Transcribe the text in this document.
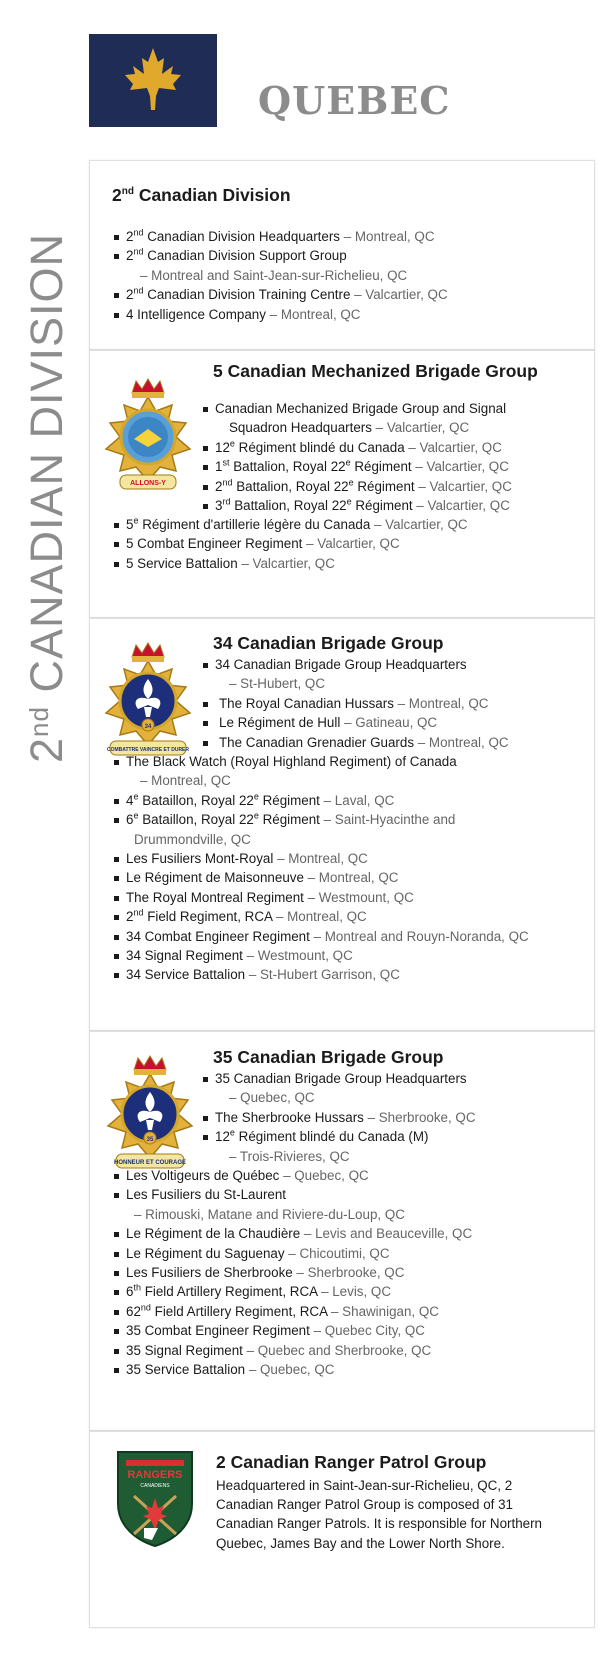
QUEBEC
2nd CANADIAN DIVISION
2nd Canadian Division
2nd Canadian Division Headquarters – Montreal, QC
2nd Canadian Division Support Group
– Montreal and Saint-Jean-sur-Richelieu, QC
2nd Canadian Division Training Centre – Valcartier, QC
4 Intelligence Company – Montreal, QC
ALLONS-Y
5 Canadian Mechanized Brigade Group
Canadian Mechanized Brigade Group and Signal
Squadron Headquarters – Valcartier, QC
12e Régiment blindé du Canada – Valcartier, QC
1st Battalion, Royal 22e Régiment – Valcartier, QC
2nd Battalion, Royal 22e Régiment – Valcartier, QC
3rd Battalion, Royal 22e Régiment – Valcartier, QC
5e Régiment d'artillerie légère du Canada – Valcartier, QC
5 Combat Engineer Regiment – Valcartier, QC
5 Service Battalion – Valcartier, QC
34
COMBATTRE VAINCRE ET DURER
34 Canadian Brigade Group
34 Canadian Brigade Group Headquarters
– St-Hubert, QC
The Royal Canadian Hussars – Montreal, QC
Le Régiment de Hull – Gatineau, QC
The Canadian Grenadier Guards – Montreal, QC
The Black Watch (Royal Highland Regiment) of Canada
– Montreal, QC
4e Bataillon, Royal 22e Régiment – Laval, QC
6e Bataillon, Royal 22e Régiment – Saint-Hyacinthe and
Drummondville, QC
Les Fusiliers Mont-Royal – Montreal, QC
Le Régiment de Maisonneuve – Montreal, QC
The Royal Montreal Regiment – Westmount, QC
2nd Field Regiment, RCA – Montreal, QC
34 Combat Engineer Regiment – Montreal and Rouyn-Noranda, QC
34 Signal Regiment – Westmount, QC
34 Service Battalion – St-Hubert Garrison, QC
35
HONNEUR ET COURAGE
35 Canadian Brigade Group
35 Canadian Brigade Group Headquarters
– Quebec, QC
The Sherbrooke Hussars – Sherbrooke, QC
12e Régiment blindé du Canada (M)
– Trois-Rivieres, QC
Les Voltigeurs de Québec – Quebec, QC
Les Fusiliers du St-Laurent
– Rimouski, Matane and Riviere-du-Loup, QC
Le Régiment de la Chaudière – Levis and Beauceville, QC
Le Régiment du Saguenay – Chicoutimi, QC
Les Fusiliers de Sherbrooke – Sherbrooke, QC
6th Field Artillery Regiment, RCA – Levis, QC
62nd Field Artillery Regiment, RCA – Shawinigan, QC
35 Combat Engineer Regiment – Quebec City, QC
35 Signal Regiment – Quebec and Sherbrooke, QC
35 Service Battalion – Quebec, QC
RANGERS
CANADIENS
2 Canadian Ranger Patrol Group
Headquartered in Saint-Jean-sur-Richelieu, QC, 2 Canadian Ranger Patrol Group is composed of 31 Canadian Ranger Patrols. It is responsible for Northern Quebec, James Bay and the Lower North Shore.
